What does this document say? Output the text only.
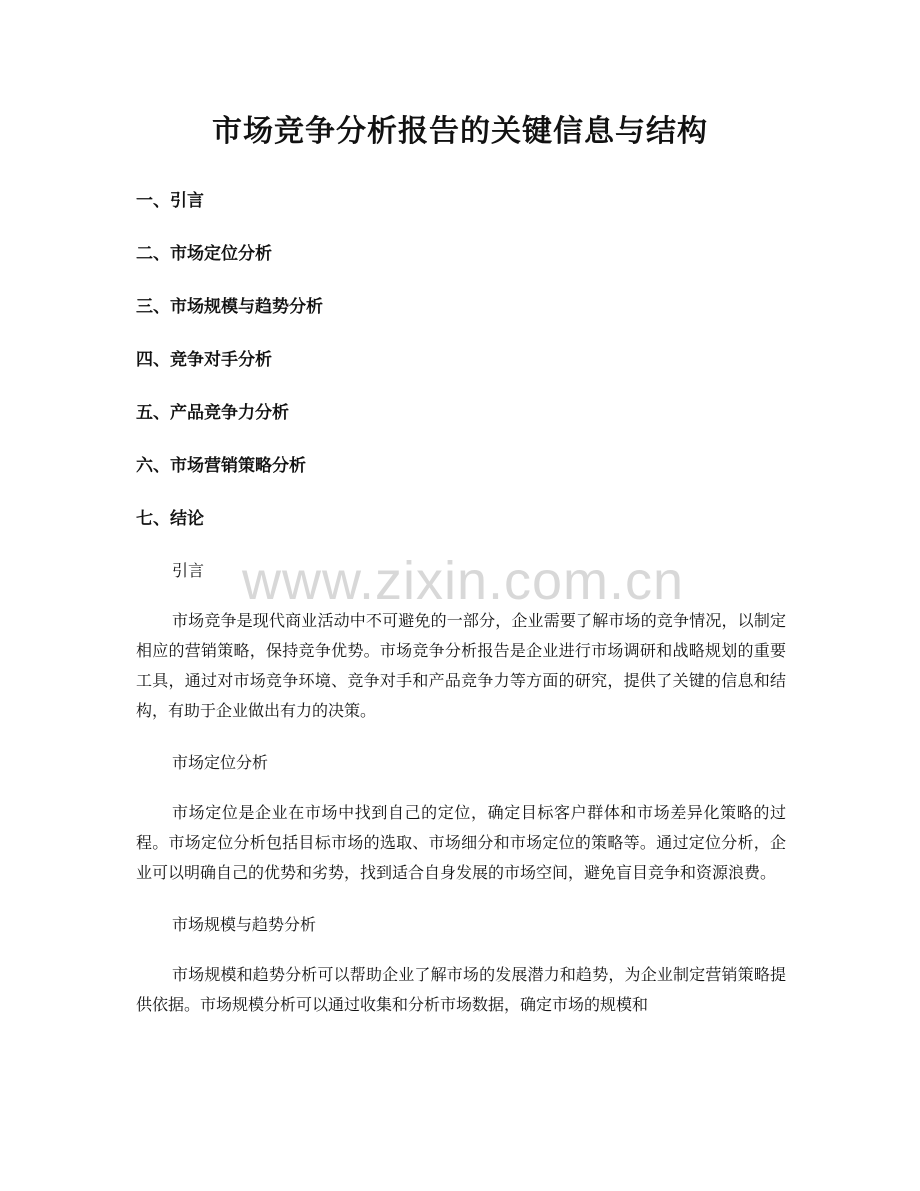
市场竞争分析报告的关键信息与结构
一、引言
二、市场定位分析
三、市场规模与趋势分析
四、竞争对手分析
五、产品竞争力分析
六、市场营销策略分析
七、结论

引言

市场竞争是现代商业活动中不可避免的一部分，企业需要了解市场的竞争情况，以制定相应的营销策略，保持竞争优势。市场竞争分析报告是企业进行市场调研和战略规划的重要工具，通过对市场竞争环境、竞争对手和产品竞争力等方面的研究，提供了关键的信息和结构，有助于企业做出有力的决策。

市场定位分析

市场定位是企业在市场中找到自己的定位，确定目标客户群体和市场差异化策略的过程。市场定位分析包括目标市场的选取、市场细分和市场定位的策略等。通过定位分析，企业可以明确自己的优势和劣势，找到适合自身发展的市场空间，避免盲目竞争和资源浪费。

市场规模与趋势分析

市场规模和趋势分析可以帮助企业了解市场的发展潜力和趋势，为企业制定营销策略提供依据。市场规模分析可以通过收集和分析市场数据，确定市场的规模和

www.zixin.com.cn
